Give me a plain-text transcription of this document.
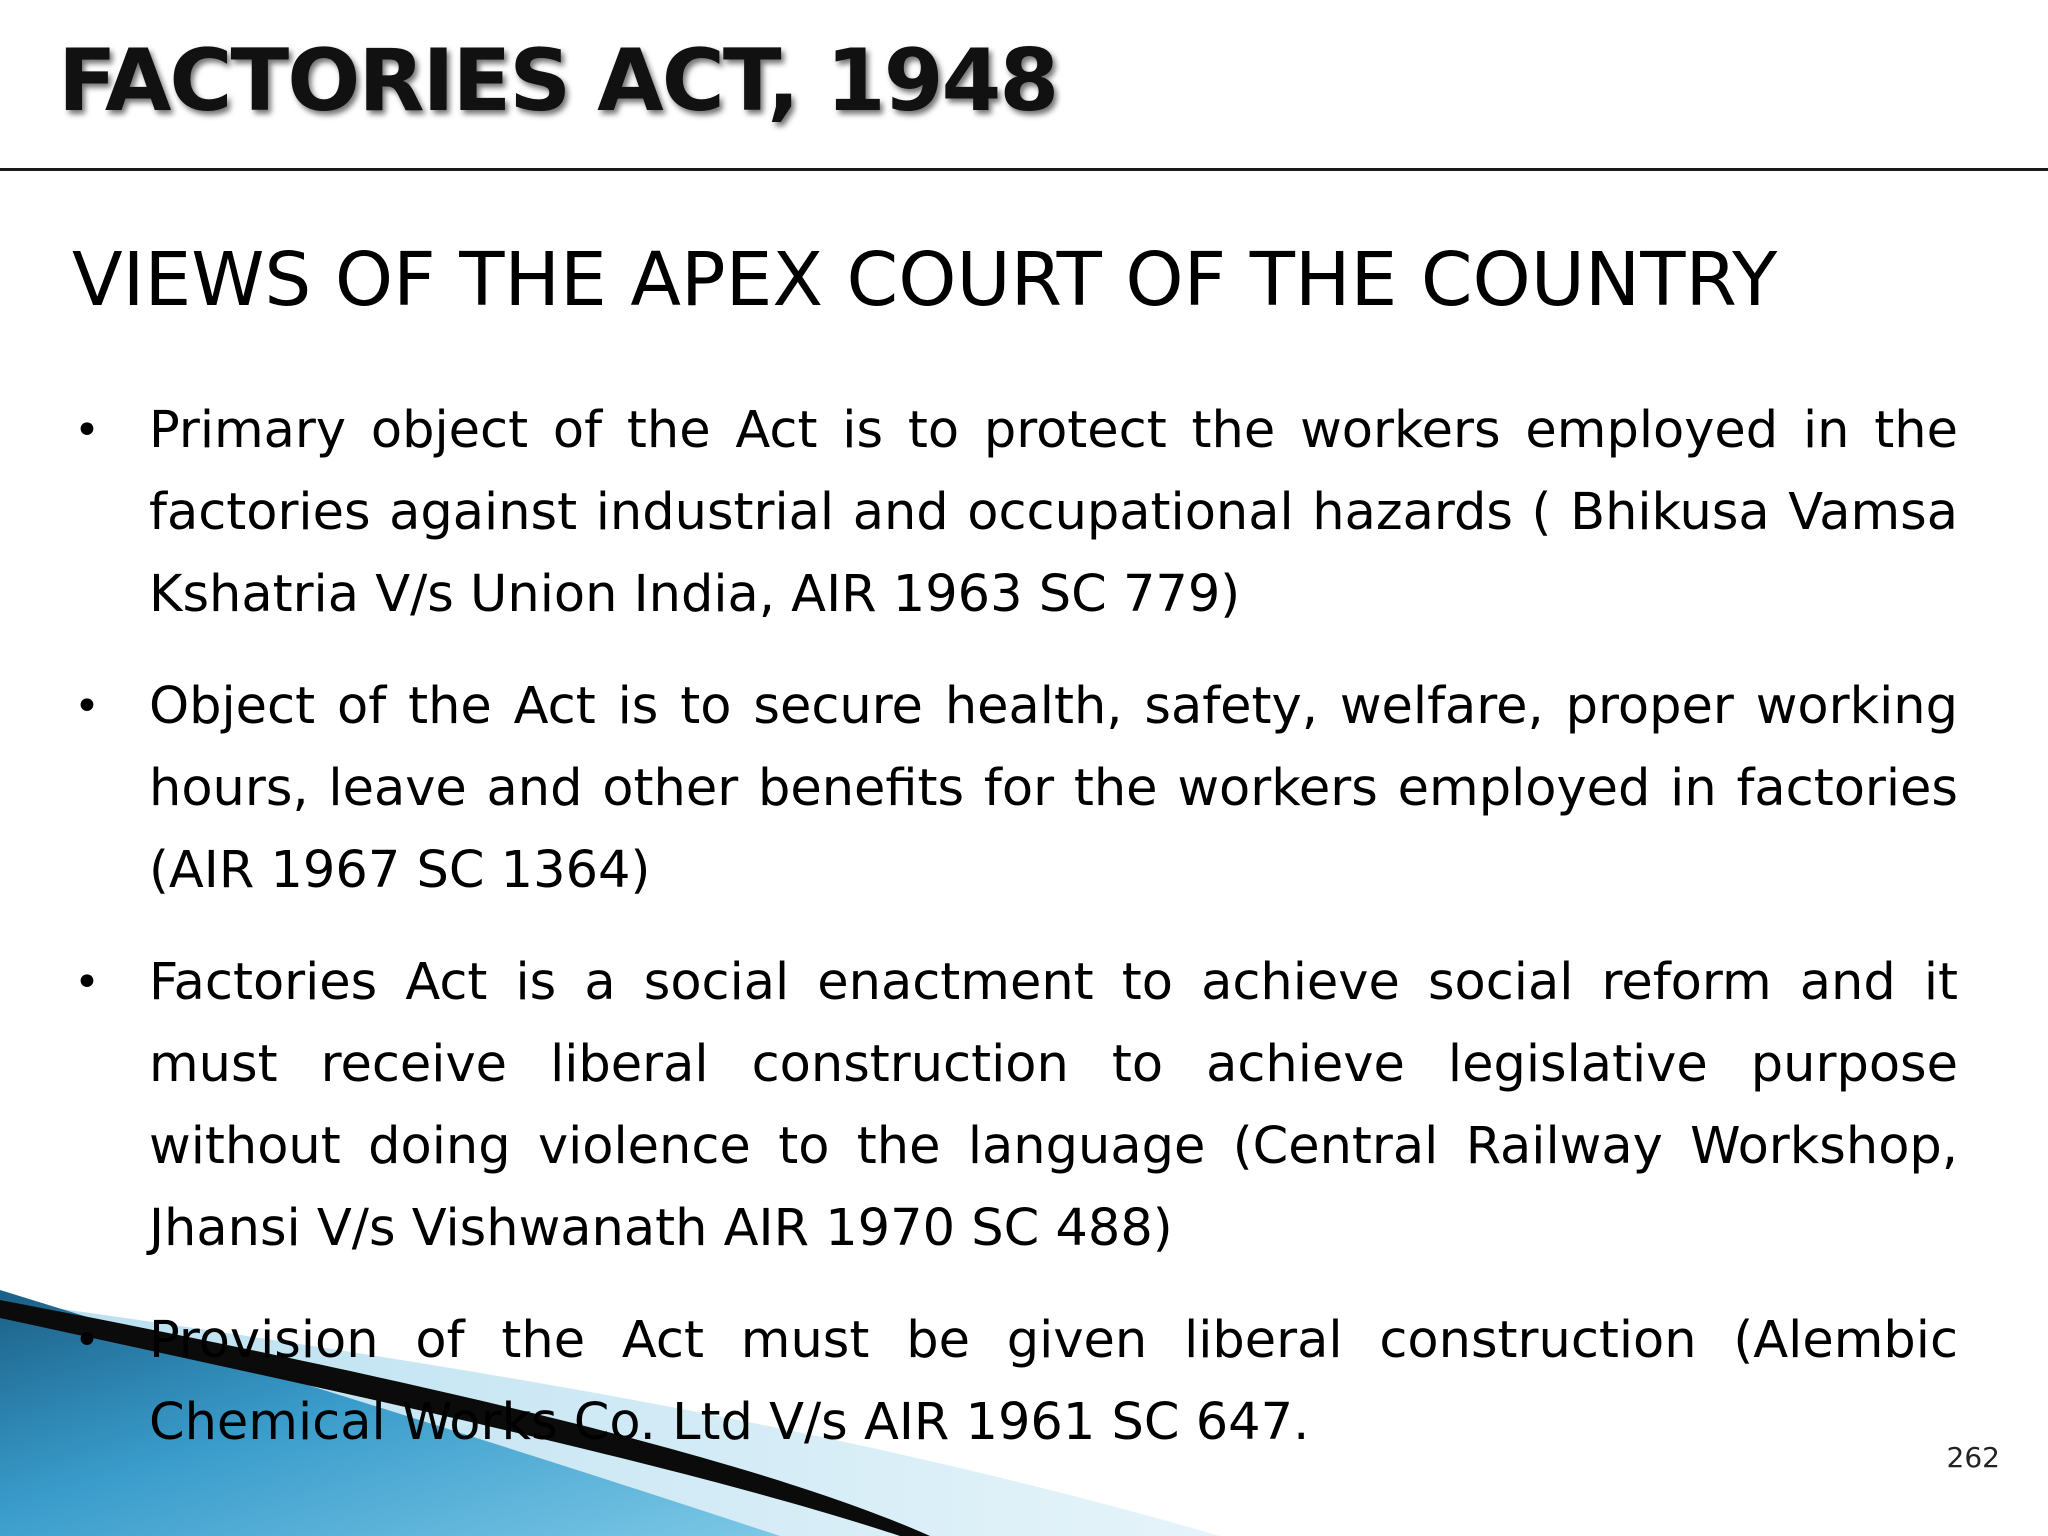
FACTORIES ACT, 1948
VIEWS OF THE APEX COURT OF THE COUNTRY
• Primary object of the Act is to protect the workers employed in the factories against industrial and occupational hazards ( Bhikusa Vamsa Kshatria V/s Union India, AIR 1963 SC 779)
• Object of the Act is to secure health, safety, welfare, proper working hours, leave and other benefits for the workers employed in factories (AIR 1967 SC 1364)
• Factories Act is a social enactment to achieve social reform and it must receive liberal construction to achieve legislative purpose without doing violence to the language (Central Railway Workshop, Jhansi V/s Vishwanath AIR 1970 SC 488)
• Provision of the Act must be given liberal construction (Alembic Chemical Works Co. Ltd V/s AIR 1961 SC 647.
262
